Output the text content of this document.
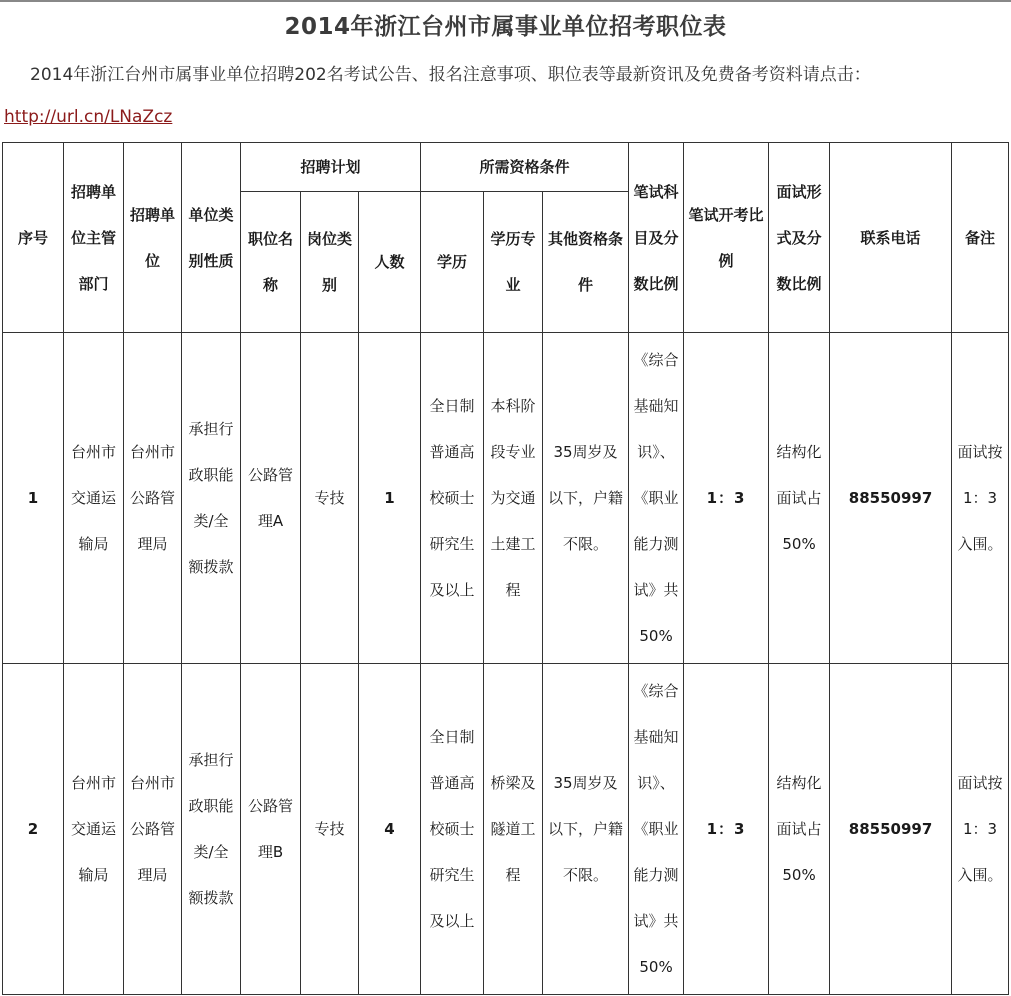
2014年浙江台州市属事业单位招考职位表
2014年浙江台州市属事业单位招聘202名考试公告、报名注意事项、职位表等最新资讯及免费备考资料请点击：
http://url.cn/LNaZcz
序号	招聘单位主管部门	招聘单位	单位类别性质	招聘计划			所需资格条件			笔试科目及分数比例	笔试开考比例	面试形式及分数比例	联系电话	备注
				职位名称	岗位类别	人数	学历	学历专业	其他资格条件					
1	台州市交通运输局	台州市公路管理局	承担行政职能类/全额拨款	公路管理A	专技	1	全日制普通高校硕士研究生及以上	本科阶段专业为交通土建工程	35周岁及以下，户籍不限。	《综合基础知识》、《职业能力测试》共50%	1：3	结构化面试占50%	88550997	面试按1：3入围。
2	台州市交通运输局	台州市公路管理局	承担行政职能类/全额拨款	公路管理B	专技	4	全日制普通高校硕士研究生及以上	桥梁及隧道工程	35周岁及以下，户籍不限。	《综合基础知识》、《职业能力测试》共50%	1：3	结构化面试占50%	88550997	面试按1：3入围。
